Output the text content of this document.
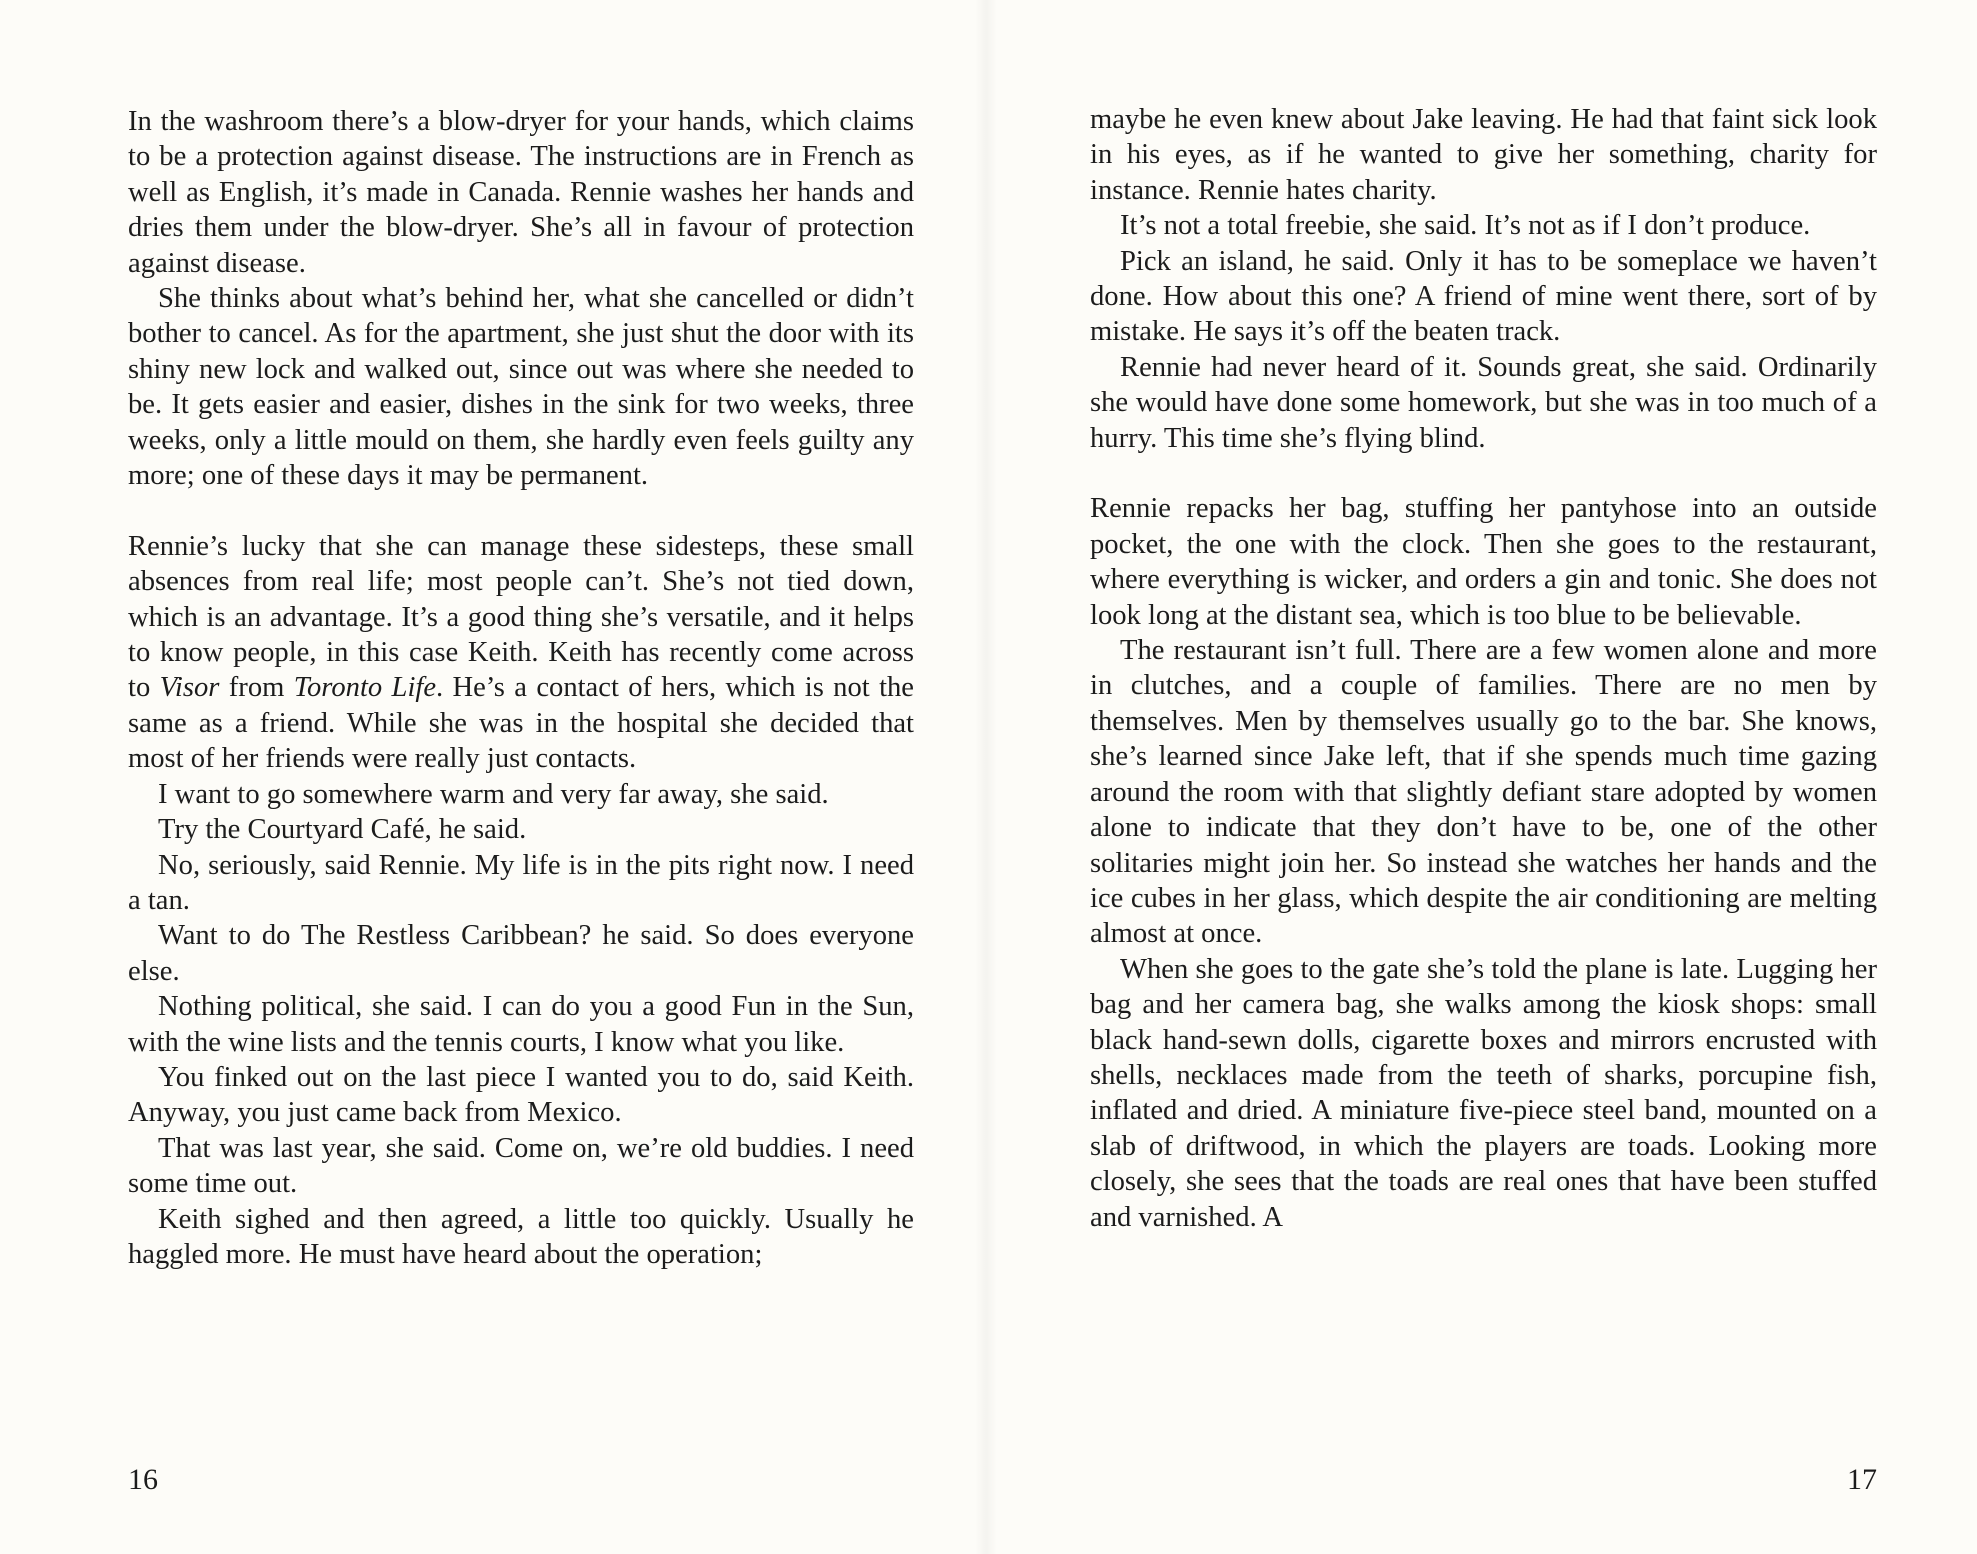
In the washroom there’s a blow-dryer for your hands, which claims to be a protection against disease. The instructions are in French as well as English, it’s made in Canada. Rennie washes her hands and dries them under the blow-dryer. She’s all in favour of protection against disease.

She thinks about what’s behind her, what she cancelled or didn’t bother to cancel. As for the apartment, she just shut the door with its shiny new lock and walked out, since out was where she needed to be. It gets easier and easier, dishes in the sink for two weeks, three weeks, only a little mould on them, she hardly even feels guilty any more; one of these days it may be permanent.

Rennie’s lucky that she can manage these sidesteps, these small absences from real life; most people can’t. She’s not tied down, which is an advantage. It’s a good thing she’s versatile, and it helps to know people, in this case Keith. Keith has recently come across to Visor from Toronto Life. He’s a contact of hers, which is not the same as a friend. While she was in the hospital she decided that most of her friends were really just contacts.

I want to go somewhere warm and very far away, she said.

Try the Courtyard Café, he said.

No, seriously, said Rennie. My life is in the pits right now. I need a tan.

Want to do The Restless Caribbean? he said. So does everyone else.

Nothing political, she said. I can do you a good Fun in the Sun, with the wine lists and the tennis courts, I know what you like.

You finked out on the last piece I wanted you to do, said Keith. Anyway, you just came back from Mexico.

That was last year, she said. Come on, we’re old buddies. I need some time out.

Keith sighed and then agreed, a little too quickly. Usually he haggled more. He must have heard about the operation;

16

maybe he even knew about Jake leaving. He had that faint sick look in his eyes, as if he wanted to give her something, charity for instance. Rennie hates charity.

It’s not a total freebie, she said. It’s not as if I don’t produce.

Pick an island, he said. Only it has to be someplace we haven’t done. How about this one? A friend of mine went there, sort of by mistake. He says it’s off the beaten track.

Rennie had never heard of it. Sounds great, she said. Ordinarily she would have done some homework, but she was in too much of a hurry. This time she’s flying blind.

Rennie repacks her bag, stuffing her pantyhose into an outside pocket, the one with the clock. Then she goes to the restaurant, where everything is wicker, and orders a gin and tonic. She does not look long at the distant sea, which is too blue to be believable.

The restaurant isn’t full. There are a few women alone and more in clutches, and a couple of families. There are no men by themselves. Men by themselves usually go to the bar. She knows, she’s learned since Jake left, that if she spends much time gazing around the room with that slightly defiant stare adopted by women alone to indicate that they don’t have to be, one of the other solitaries might join her. So instead she watches her hands and the ice cubes in her glass, which despite the air conditioning are melting almost at once.

When she goes to the gate she’s told the plane is late. Lugging her bag and her camera bag, she walks among the kiosk shops: small black hand-sewn dolls, cigarette boxes and mirrors encrusted with shells, necklaces made from the teeth of sharks, porcupine fish, inflated and dried. A miniature five-piece steel band, mounted on a slab of driftwood, in which the players are toads. Looking more closely, she sees that the toads are real ones that have been stuffed and varnished. A

17
